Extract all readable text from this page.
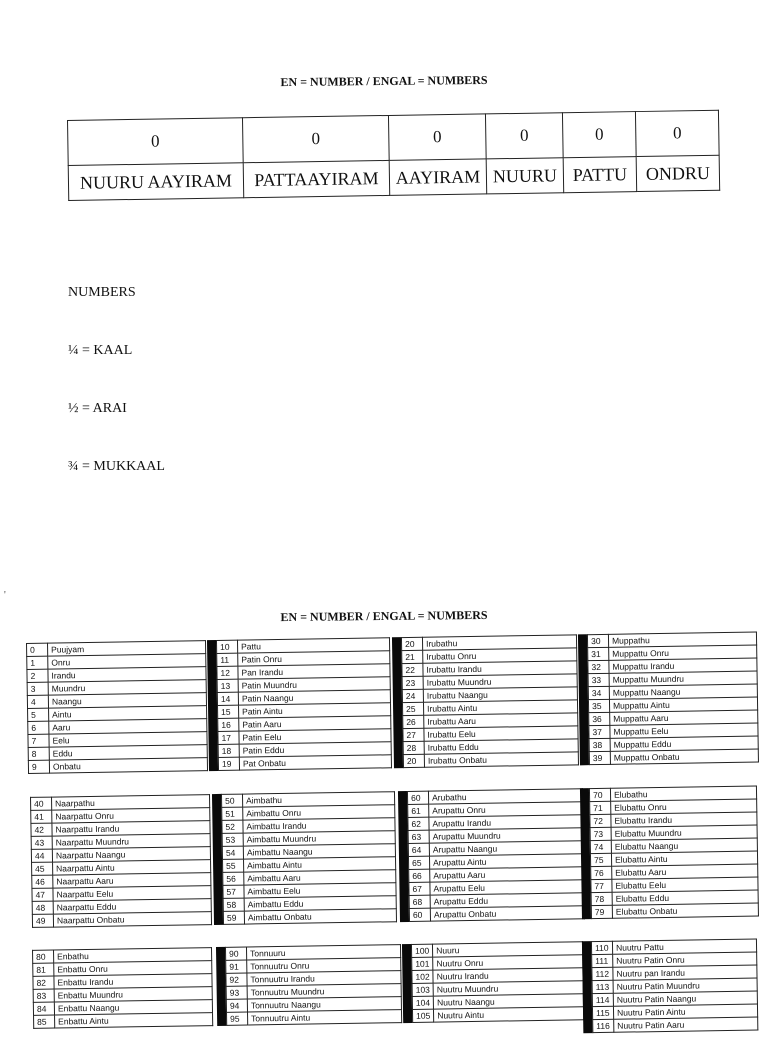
EN = NUMBER / ENGAL = NUMBERS
0	0	0	0	0	0
NUURU AAYIRAM	PATTAAYIRAM	AAYIRAM	NUURU	PATTU	ONDRU
NUMBERS
¼ = KAAL
½ = ARAI
¾ = MUKKAAL
'
EN = NUMBER / ENGAL = NUMBERS
0	Puujyam
1	Onru
2	Irandu
3	Muundru
4	Naangu
5	Aintu
6	Aaru
7	Eelu
8	Eddu
9	Onbatu
10	Pattu
11	Patin Onru
12	Pan Irandu
13	Patin Muundru
14	Patin Naangu
15	Patin Aintu
16	Patin Aaru
17	Patin Eelu
18	Patin Eddu
19	Pat Onbatu
20	Irubathu
21	Irubattu Onru
22	Irubattu Irandu
23	Irubattu Muundru
24	Irubattu Naangu
25	Irubattu Aintu
26	Irubattu Aaru
27	Irubattu Eelu
28	Irubattu Eddu
20	Irubattu Onbatu
30	Muppathu
31	Muppattu Onru
32	Muppattu Irandu
33	Muppattu Muundru
34	Muppattu Naangu
35	Muppattu Aintu
36	Muppattu Aaru
37	Muppattu Eelu
38	Muppattu Eddu
39	Muppattu Onbatu
40	Naarpathu
41	Naarpattu Onru
42	Naarpattu Irandu
43	Naarpattu Muundru
44	Naarpattu Naangu
45	Naarpattu Aintu
46	Naarpattu Aaru
47	Naarpattu Eelu
48	Naarpattu Eddu
49	Naarpattu Onbatu
50	Aimbathu
51	Aimbattu Onru
52	Aimbattu Irandu
53	Aimbattu Muundru
54	Aimbattu Naangu
55	Aimbattu Aintu
56	Aimbattu Aaru
57	Aimbattu Eelu
58	Aimbattu Eddu
59	Aimbattu Onbatu
60	Arubathu
61	Arupattu Onru
62	Arupattu Irandu
63	Arupattu Muundru
64	Arupattu Naangu
65	Arupattu Aintu
66	Arupattu Aaru
67	Arupattu Eelu
68	Arupattu Eddu
60	Arupattu Onbatu
70	Elubathu
71	Elubattu Onru
72	Elubattu Irandu
73	Elubattu Muundru
74	Elubattu Naangu
75	Elubattu Aintu
76	Elubattu Aaru
77	Elubattu Eelu
78	Elubattu Eddu
79	Elubattu Onbatu
80	Enbathu
81	Enbattu Onru
82	Enbattu Irandu
83	Enbattu Muundru
84	Enbattu Naangu
85	Enbattu Aintu
90	Tonnuuru
91	Tonnuutru Onru
92	Tonnuutru Irandu
93	Tonnuutru Muundru
94	Tonnuutru Naangu
95	Tonnuutru Aintu
100	Nuuru
101	Nuutru Onru
102	Nuutru Irandu
103	Nuutru Muundru
104	Nuutru Naangu
105	Nuutru Aintu
110	Nuutru Pattu
111	Nuutru Patin Onru
112	Nuutru pan Irandu
113	Nuutru Patin Muundru
114	Nuutru Patin Naangu
115	Nuutru Patin Aintu
116	Nuutru Patin Aaru
